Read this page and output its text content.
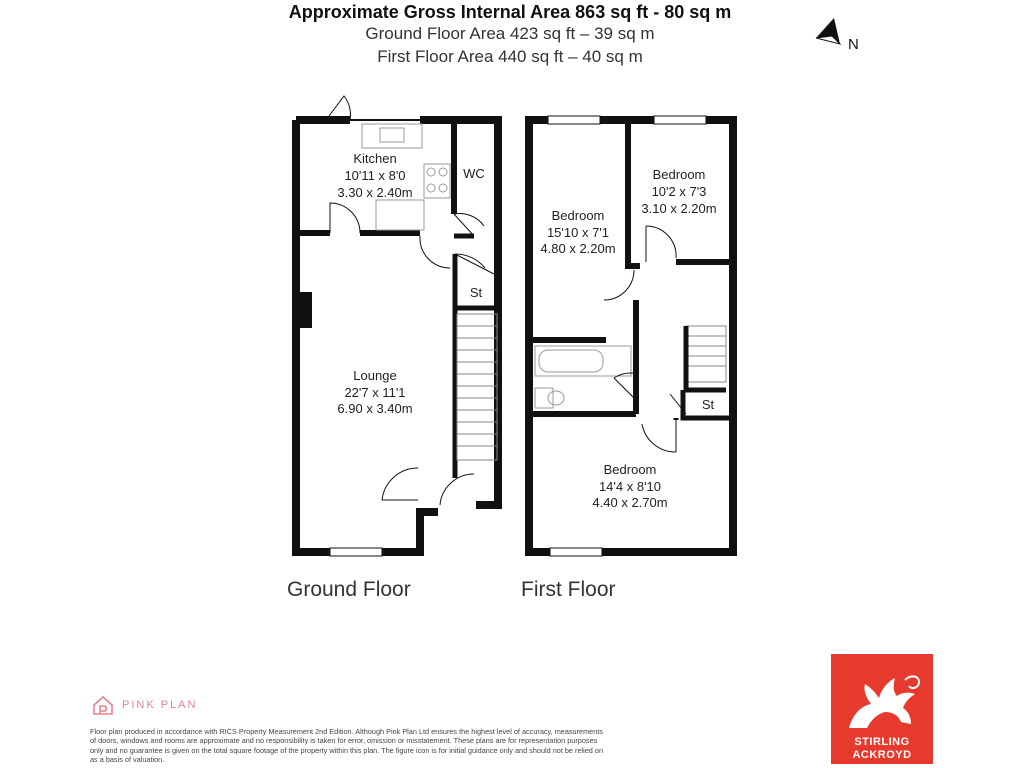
Approximate Gross Internal Area 863 sq ft - 80 sq m
Ground Floor Area 423 sq ft – 39 sq m
First Floor Area 440 sq ft – 40 sq m
N
Kitchen
10'11 x 8'0
3.30 x 2.40m
WC
St
Lounge
22'7 x 11'1
6.90 x 3.40m
Bedroom
15'10 x 7'1
4.80 x 2.20m
Bedroom
10'2 x 7'3
3.10 x 2.20m
St
Bedroom
14'4 x 8'10
4.40 x 2.70m
Ground Floor	First Floor
PINK PLAN
Floor plan produced in accordance with RICS Property Measurement 2nd Edition. Although Pink Plan Ltd ensures the highest level of accuracy, measurements of doors, windows and rooms are approximate and no responsibility is taken for error, omission or misstatement. These plans are for representation purposes only and no guarantee is given on the total square footage of the property within this plan. The figure icon is for initial guidance only and should not be relied on as a basis of valuation.
STIRLING
ACKROYD
